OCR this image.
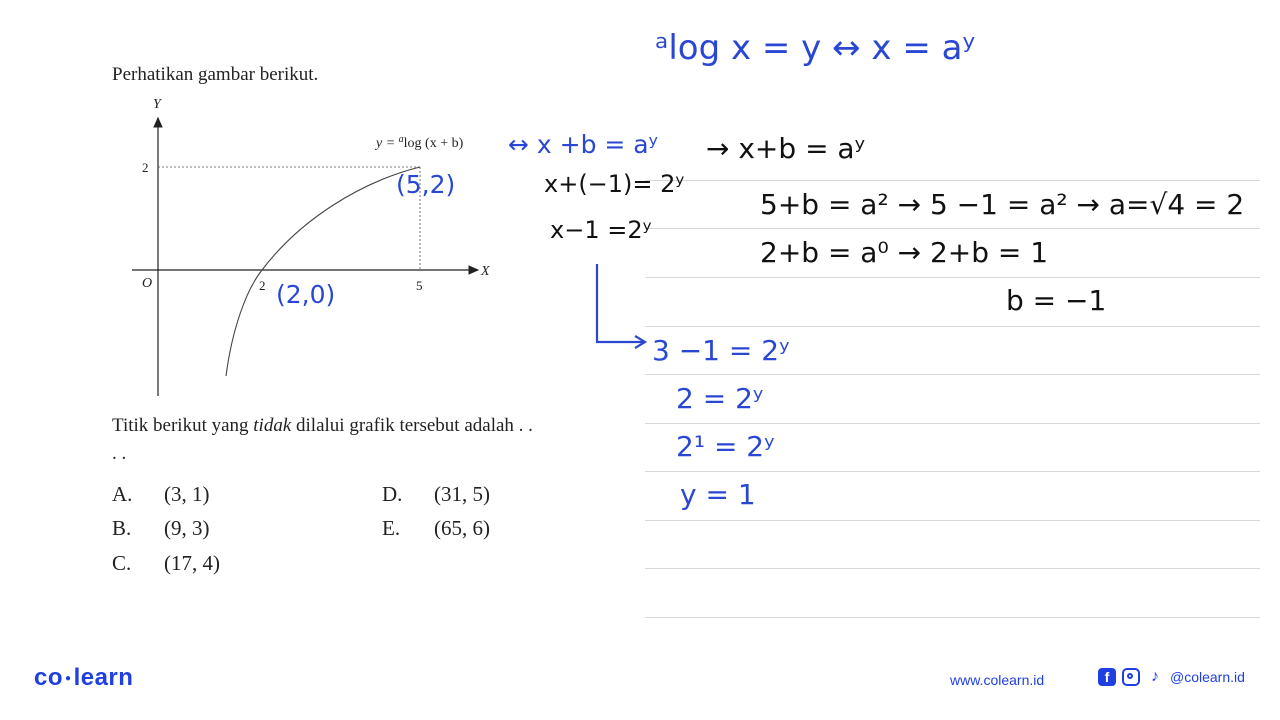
Perhatikan gambar berikut.
Y
X
O
2
2	5
y = $^a$log (x + b)
Titik berikut yang tidak dilalui grafik tersebut adalah . . . .
A. (3, 1)
B. (9, 3)
C. (17, 4)
D. (31, 5)
E. (65, 6)
(5,2)
(2,0)
↔ x +b = aʸ
x+(−1)= 2ʸ
x−1 =2ʸ
ᵃlog x = y ↔ x = aʸ
→ x+b = aʸ
5+b = a² → 5 −1 = a² → a=√4 = 2
2+b = a⁰ → 2+b = 1
b = −1
3 −1 = 2ʸ
2 = 2ʸ
2¹ = 2ʸ
y = 1
co ●learn	www.colearn.id	f	♪ @colearn.id
